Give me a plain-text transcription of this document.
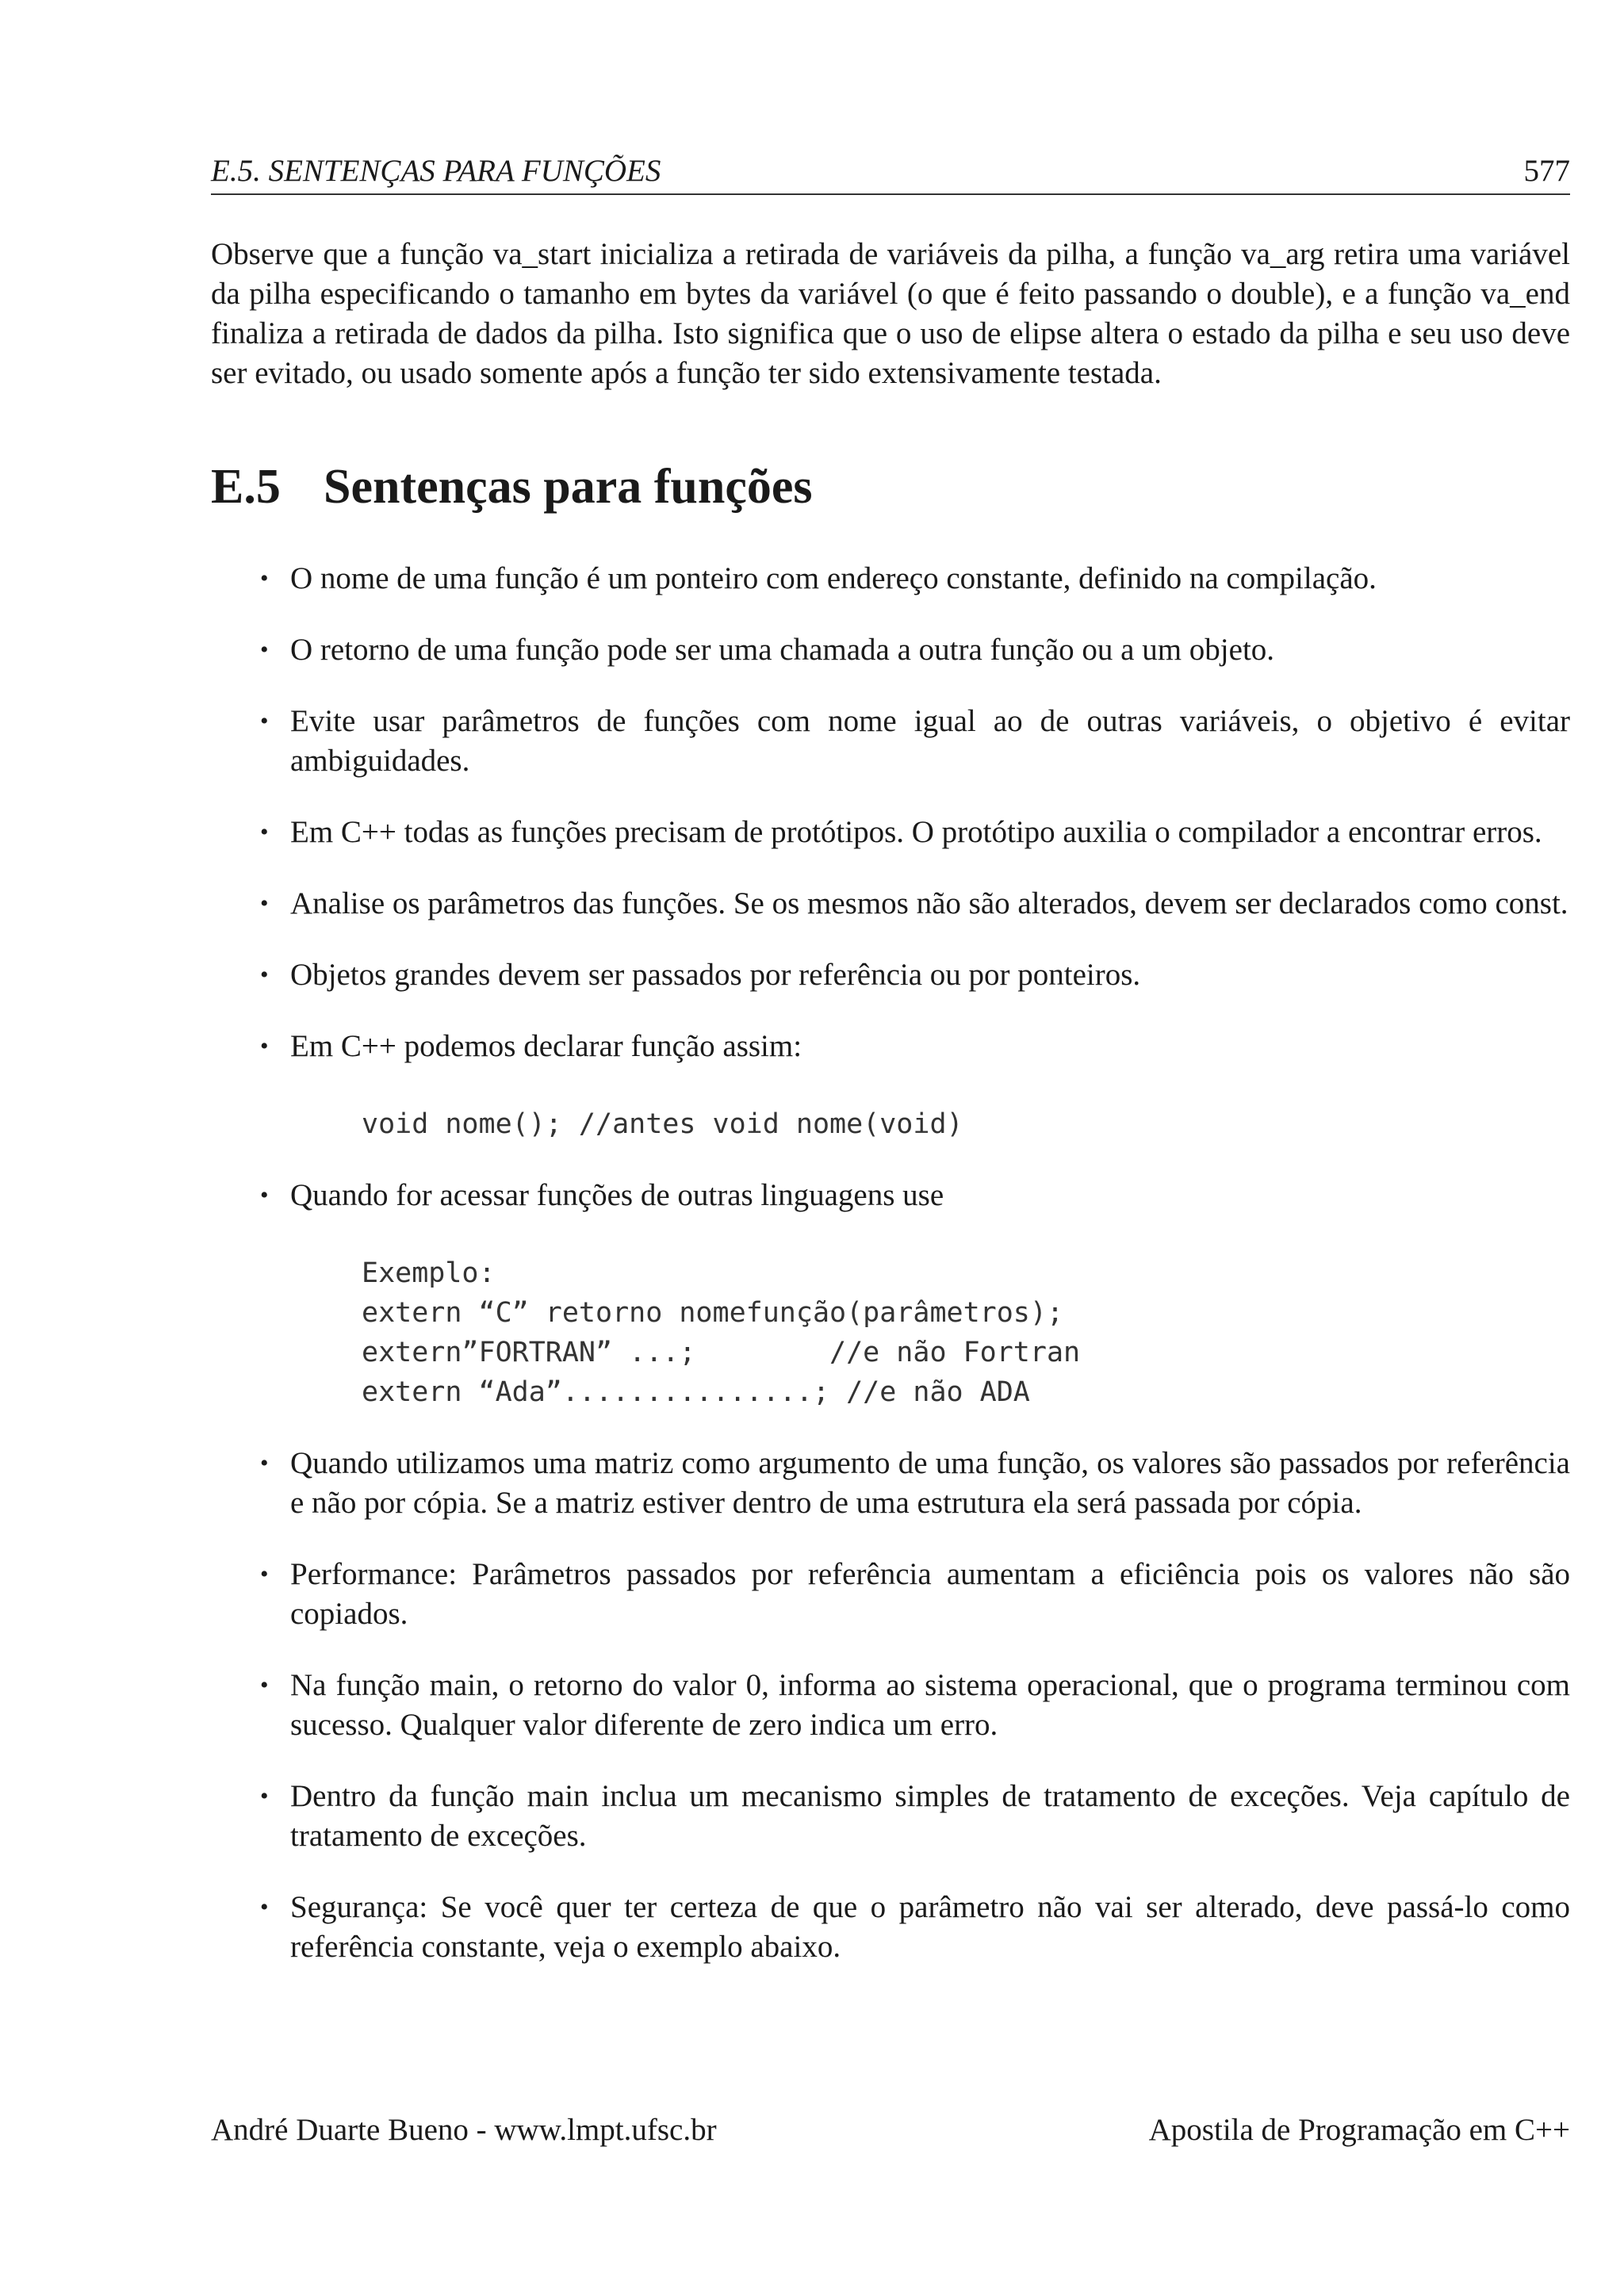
E.5. SENTENÇAS PARA FUNÇÕES	577

Observe que a função va_start inicializa a retirada de variáveis da pilha, a função va_arg retira uma variável da pilha especificando o tamanho em bytes da variável (o que é feito passando o double), e a função va_end finaliza a retirada de dados da pilha. Isto significa que o uso de elipse altera o estado da pilha e seu uso deve ser evitado, ou usado somente após a função ter sido extensivamente testada.

E.5 Sentenças para funções
• O nome de uma função é um ponteiro com endereço constante, definido na compilação.
• O retorno de uma função pode ser uma chamada a outra função ou a um objeto.
• Evite usar parâmetros de funções com nome igual ao de outras variáveis, o objetivo é evitar ambiguidades.
• Em C++ todas as funções precisam de protótipos. O protótipo auxilia o compilador a encontrar erros.
• Analise os parâmetros das funções. Se os mesmos não são alterados, devem ser declarados como const.
• Objetos grandes devem ser passados por referência ou por ponteiros.
• Em C++ podemos declarar função assim:
void nome(); //antes void nome(void)
• Quando for acessar funções de outras linguagens use
Exemplo:
extern “C” retorno nomefunção(parâmetros);
extern”FORTRAN” ...;        //e não Fortran
extern “Ada”...............; //e não ADA
• Quando utilizamos uma matriz como argumento de uma função, os valores são passados por referência e não por cópia. Se a matriz estiver dentro de uma estrutura ela será passada por cópia.
• Performance: Parâmetros passados por referência aumentam a eficiência pois os valores não são copiados.
• Na função main, o retorno do valor 0, informa ao sistema operacional, que o programa terminou com sucesso. Qualquer valor diferente de zero indica um erro.
• Dentro da função main inclua um mecanismo simples de tratamento de exceções. Veja capítulo de tratamento de exceções.
• Segurança: Se você quer ter certeza de que o parâmetro não vai ser alterado, deve passá-lo como referência constante, veja o exemplo abaixo.
André Duarte Bueno - www.lmpt.ufsc.br	Apostila de Programação em C++
